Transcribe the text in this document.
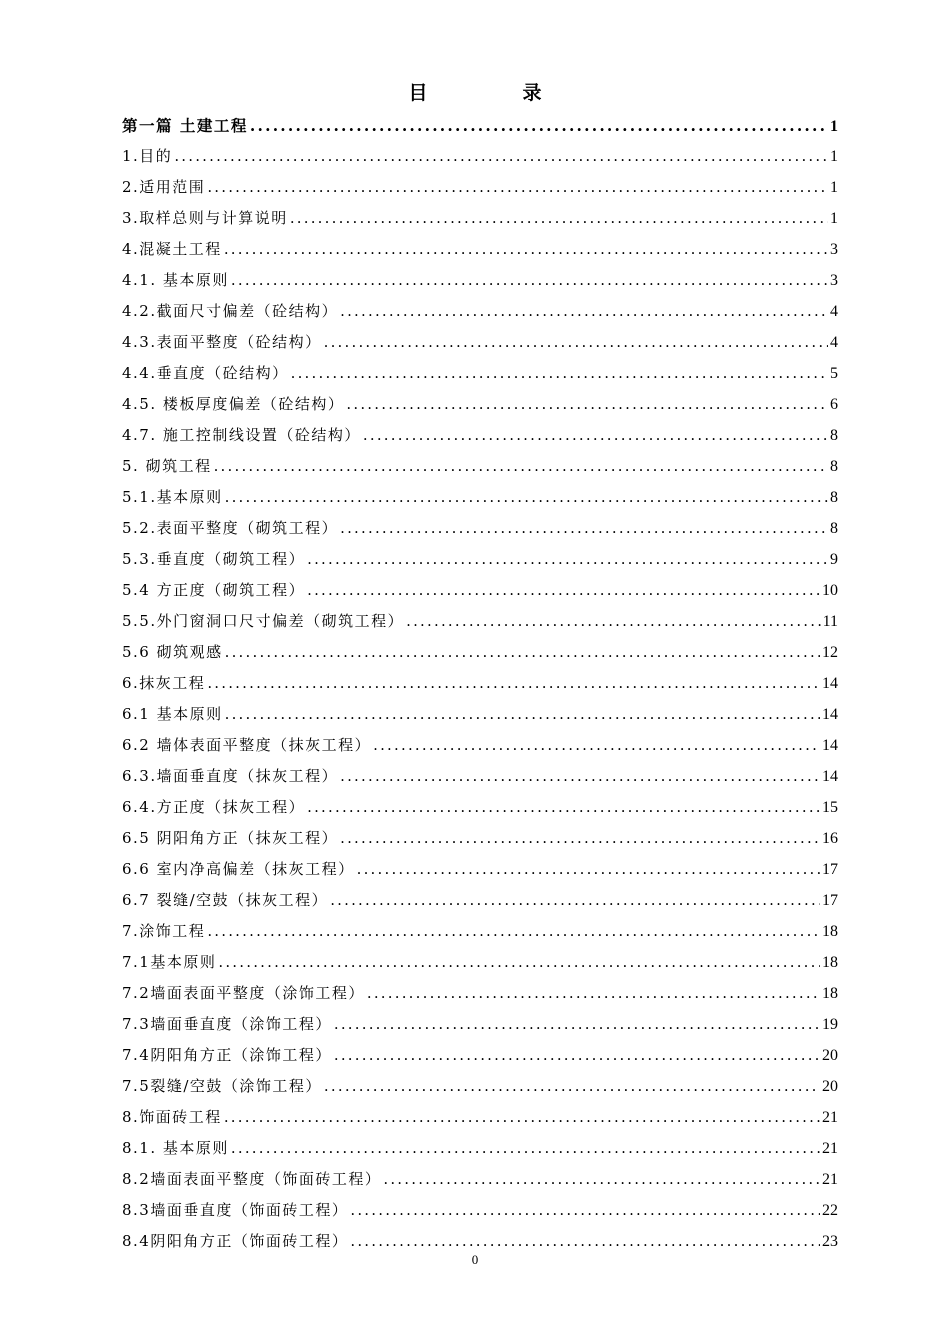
目　录
第一篇 土建工程 .....	1
1.目的 .....	1
2.适用范围 .....	1
3.取样总则与计算说明 .....	1
4.混凝土工程 .....	3
4.1. 基本原则 .....	3
4.2.截面尺寸偏差（砼结构） .....	4
4.3.表面平整度（砼结构） .....	4
4.4.垂直度（砼结构） .....	5
4.5. 楼板厚度偏差（砼结构） .....	6
4.7. 施工控制线设置（砼结构） .....	8
5. 砌筑工程 .....	8
5.1.基本原则 .....	8
5.2.表面平整度（砌筑工程） .....	8
5.3.垂直度（砌筑工程） .....	9
5.4 方正度（砌筑工程） .....	10
5.5.外门窗洞口尺寸偏差（砌筑工程） .....	11
5.6 砌筑观感 .....	12
6.抹灰工程 .....	14
6.1 基本原则 .....	14
6.2 墙体表面平整度（抹灰工程） .....	14
6.3.墙面垂直度（抹灰工程） .....	14
6.4.方正度（抹灰工程） .....	15
6.5 阴阳角方正（抹灰工程） .....	16
6.6 室内净高偏差（抹灰工程） .....	17
6.7 裂缝/空鼓（抹灰工程） .....	17
7.涂饰工程 .....	18
7.1基本原则 .....	18
7.2墙面表面平整度（涂饰工程） .....	18
7.3墙面垂直度（涂饰工程） .....	19
7.4阴阳角方正（涂饰工程） .....	20
7.5裂缝/空鼓（涂饰工程） .....	20
8.饰面砖工程 .....	21
8.1. 基本原则 .....	21
8.2墙面表面平整度（饰面砖工程） .....	21
8.3墙面垂直度（饰面砖工程） .....	22
8.4阴阳角方正（饰面砖工程） .....	23
0
